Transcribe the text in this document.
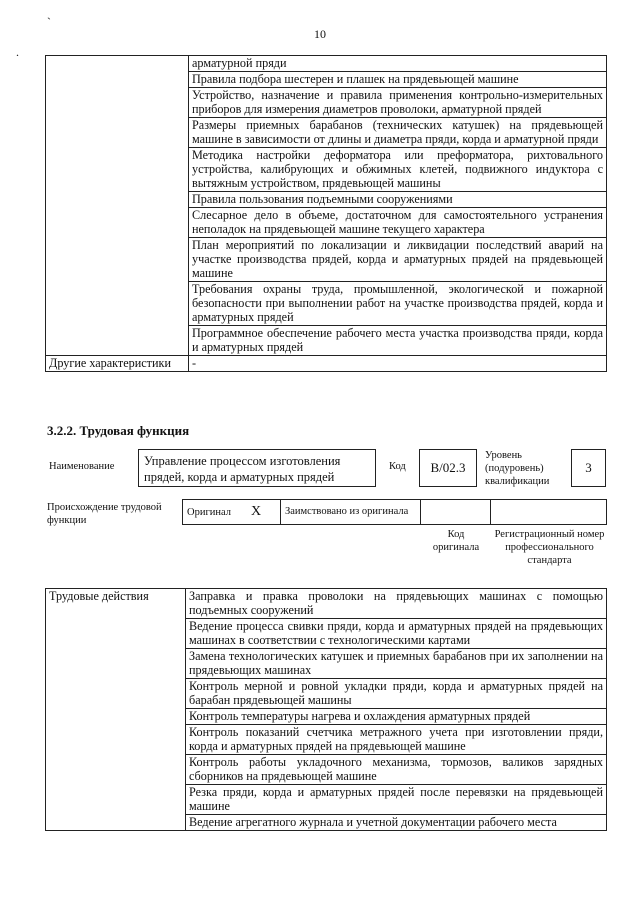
10
`
.
	арматурной пряди
	Правила подбора шестерен и плашек на прядевьющей машине
	Устройство, назначение и правила применения контрольно-измерительных приборов для измерения диаметров проволоки, арматурной прядей
	Размеры приемных барабанов (технических катушек) на прядевьющей машине в зависимости от длины и диаметра пряди, корда и арматурной пряди
	Методика настройки деформатора или преформатора, рихтовального устройства, калибрующих и обжимных клетей, подвижного индуктора с вытяжным устройством, прядевьющей машины
	Правила пользования подъемными сооружениями
	Слесарное дело в объеме, достаточном для самостоятельного устранения неполадок на прядевьющей машине текущего характера
	План мероприятий по локализации и ликвидации последствий аварий на участке производства прядей, корда и арматурных прядей на прядевьющей машине
	Требования охраны труда, промышленной, экологической и пожарной безопасности при выполнении работ на участке производства прядей, корда и арматурных прядей
	Программное обеспечение рабочего места участка производства пряди, корда и арматурных прядей
Другие характеристики	-
3.2.2. Трудовая функция
Наименование	Управление процессом изготовления прядей, корда и арматурных прядей
Код	B/02.3
Уровень (подуровень) квалификации
3
Происхождение трудовой функции
Оригинал X	Заимствовано из оригинала		
Код оригинала
Регистрационный номер профессионального стандарта
Трудовые действия	Заправка и правка проволоки на прядевьющих машинах с помощью подъемных сооружений
Ведение процесса свивки пряди, корда и арматурных прядей на прядевьющих машинах в соответствии с технологическими картами
Замена технологических катушек и приемных барабанов при их заполнении на прядевьющих машинах
Контроль мерной и ровной укладки пряди, корда и арматурных прядей на барабан прядевьющей машины
Контроль температуры нагрева и охлаждения арматурных прядей
Контроль показаний счетчика метражного учета при изготовлении пряди, корда и арматурных прядей на прядевьющей машине
Контроль работы укладочного механизма, тормозов, валиков зарядных сборников на прядевьющей машине
Резка пряди, корда и арматурных прядей после перевязки на прядевьющей машине
Ведение агрегатного журнала и учетной документации рабочего места
